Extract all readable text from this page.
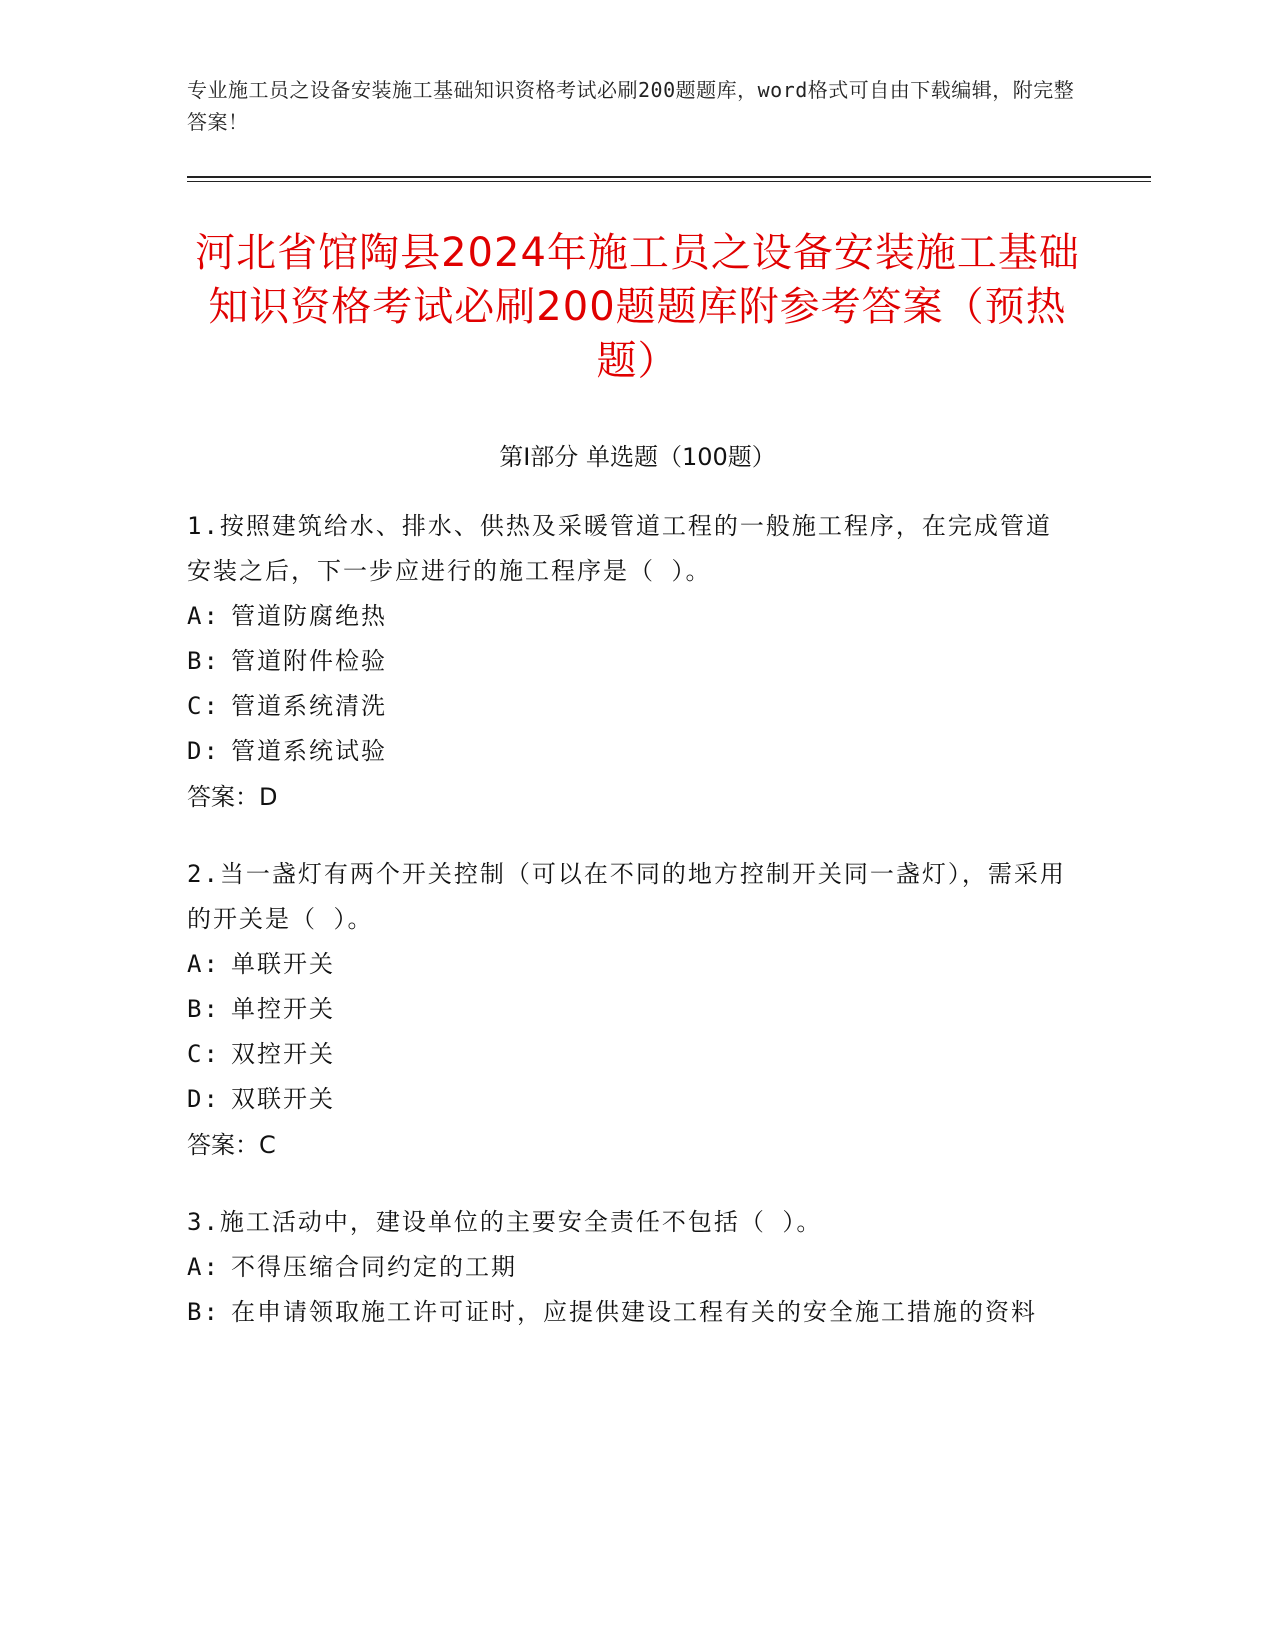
专业施工员之设备安装施工基础知识资格考试必刷200题题库，word格式可自由下载编辑，附完整答案！
河北省馆陶县2024年施工员之设备安装施工基础知识资格考试必刷200题题库附参考答案（预热题）
第Ⅰ部分 单选题（100题）
1.按照建筑给水、排水、供热及采暖管道工程的一般施工程序，在完成管道安装之后，下一步应进行的施工程序是（ ）。
A: 管道防腐绝热
B: 管道附件检验
C: 管道系统清洗
D: 管道系统试验
答案：D
2.当一盏灯有两个开关控制（可以在不同的地方控制开关同一盏灯），需采用的开关是（ ）。
A: 单联开关
B: 单控开关
C: 双控开关
D: 双联开关
答案：C
3.施工活动中，建设单位的主要安全责任不包括（ ）。
A: 不得压缩合同约定的工期
B: 在申请领取施工许可证时，应提供建设工程有关的安全施工措施的资料
